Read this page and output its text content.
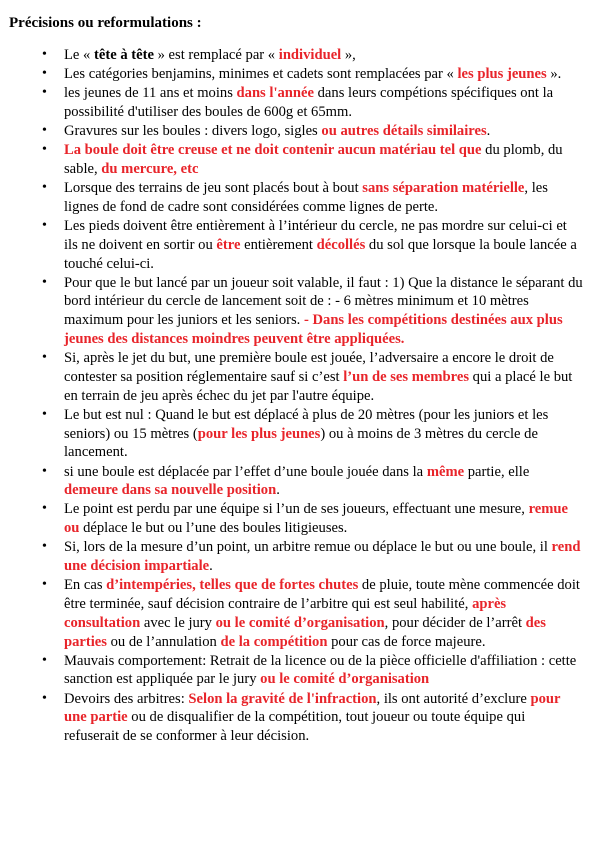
Précisions ou reformulations :
• Le « tête à tête » est remplacé par « individuel »,
• Les catégories benjamins, minimes et cadets sont remplacées par « les plus jeunes ».
• les jeunes de 11 ans et moins dans l'année dans leurs compétions spécifiques ont la possibilité d'utiliser des boules de 600g et 65mm.
• Gravures sur les boules : divers logo, sigles ou autres détails similaires.
• La boule doit être creuse et ne doit contenir aucun matériau tel que du plomb, du sable, du mercure, etc
• Lorsque des terrains de jeu sont placés bout à bout sans séparation matérielle, les lignes de fond de cadre sont considérées comme lignes de perte.
• Les pieds doivent être entièrement à l’intérieur du cercle, ne pas mordre sur celui-ci et ils ne doivent en sortir ou être entièrement décollés du sol que lorsque la boule lancée a touché celui-ci.
• Pour que le but lancé par un joueur soit valable, il faut : 1) Que la distance le séparant du bord intérieur du cercle de lancement soit de : - 6 mètres minimum et 10 mètres maximum pour les juniors et les seniors. - Dans les compétitions destinées aux plus jeunes des distances moindres peuvent être appliquées.
• Si, après le jet du but, une première boule est jouée, l’adversaire a encore le droit de contester sa position réglementaire sauf si c’est l’un de ses membres qui a placé le but en terrain de jeu après échec du jet par l'autre équipe.
• Le but est nul : Quand le but est déplacé à plus de 20 mètres (pour les juniors et les seniors) ou 15 mètres (pour les plus jeunes) ou à moins de 3 mètres du cercle de lancement.
• si une boule est déplacée par l’effet d’une boule jouée dans la même partie, elle demeure dans sa nouvelle position.
• Le point est perdu par une équipe si l’un de ses joueurs, effectuant une mesure, remue ou déplace le but ou l’une des boules litigieuses.
• Si, lors de la mesure d’un point, un arbitre remue ou déplace le but ou une boule, il rend une décision impartiale.
• En cas d’intempéries, telles que de fortes chutes de pluie, toute mène commencée doit être terminée, sauf décision contraire de l’arbitre qui est seul habilité, après consultation avec le jury ou le comité d’organisation, pour décider de l’arrêt des parties ou de l’annulation de la compétition pour cas de force majeure.
• Mauvais comportement: Retrait de la licence ou de la pièce officielle d'affiliation : cette sanction est appliquée par le jury ou le comité d’organisation
• Devoirs des arbitres: Selon la gravité de l'infraction, ils ont autorité d’exclure pour une partie ou de disqualifier de la compétition, tout joueur ou toute équipe qui refuserait de se conformer à leur décision.
